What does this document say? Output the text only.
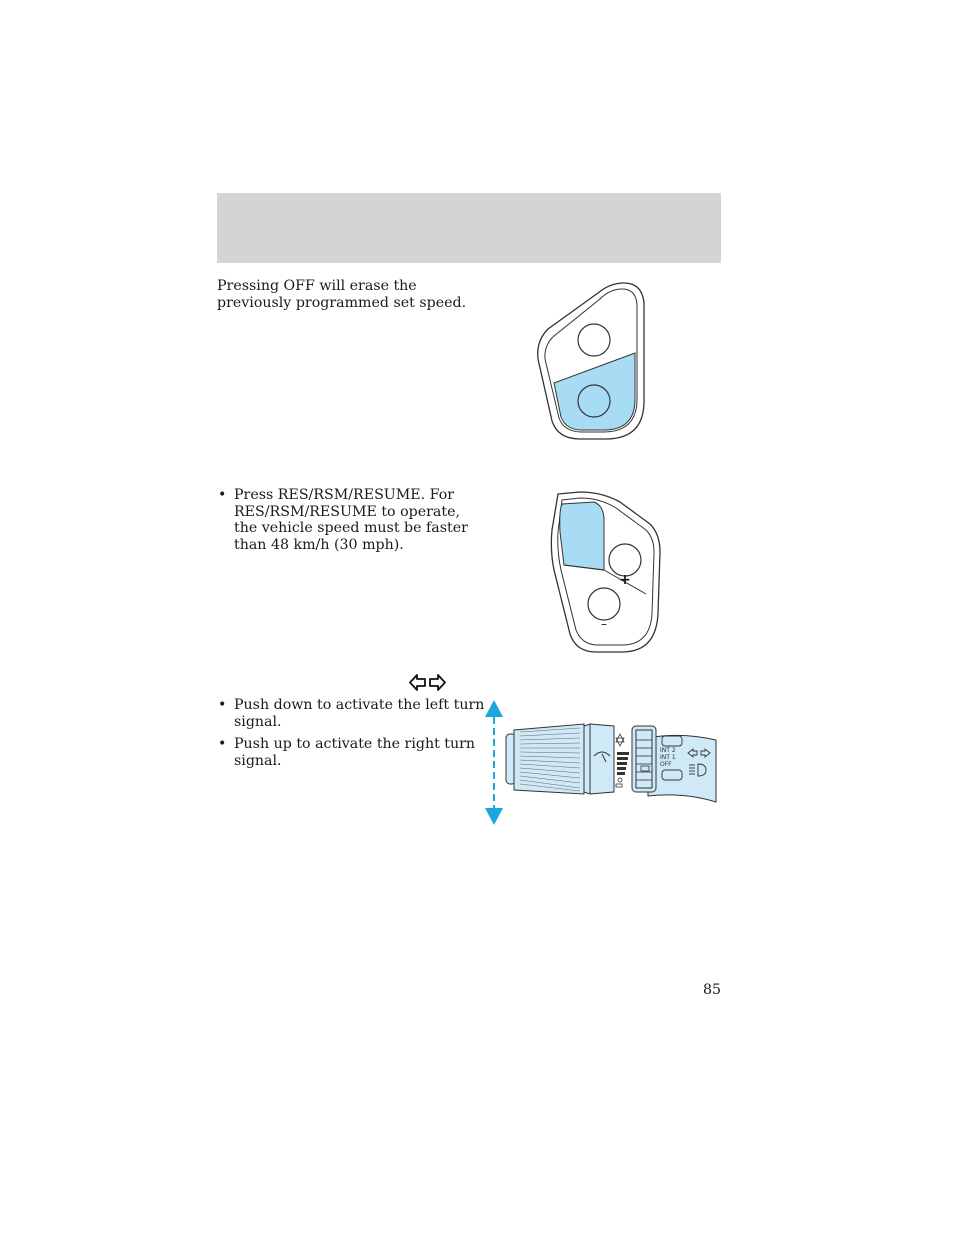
Pressing OFF will erase the previously programmed set speed.
• Press RES/RSM/RESUME. For RES/RSM/RESUME to operate, the vehicle speed must be faster than 48 km/h (30 mph).
+
–
• Push down to activate the left turn signal.
• Push up to activate the right turn signal.
INT 2
INT 1
OFF
85
